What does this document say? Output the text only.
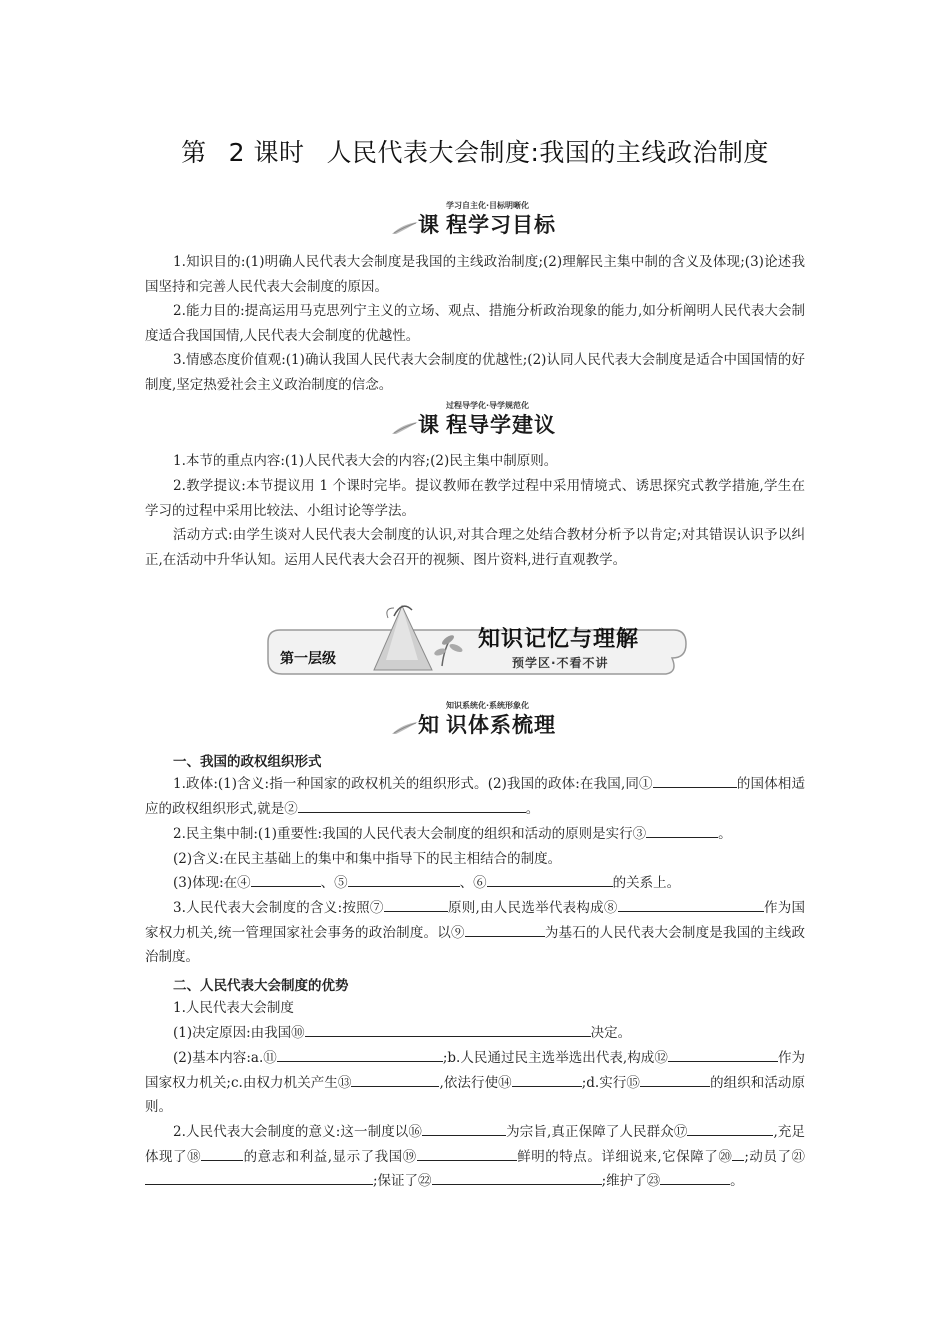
第 2 课时 人民代表大会制度:我国的主线政治制度
学习自主化·目标明晰化
课 程学习目标
1.知识目的:(1)明确人民代表大会制度是我国的主线政治制度;(2)理解民主集中制的含义及体现;(3)论述我国坚持和完善人民代表大会制度的原因。
2.能力目的:提高运用马克思列宁主义的立场、观点、措施分析政治现象的能力,如分析阐明人民代表大会制度适合我国国情,人民代表大会制度的优越性。
3.情感态度价值观:(1)确认我国人民代表大会制度的优越性;(2)认同人民代表大会制度是适合中国国情的好制度,坚定热爱社会主义政治制度的信念。
过程导学化·导学规范化
课 程导学建议
1.本节的重点内容:(1)人民代表大会的内容;(2)民主集中制原则。
2.教学提议:本节提议用 1 个课时完毕。提议教师在教学过程中采用情境式、诱思探究式教学措施,学生在学习的过程中采用比较法、小组讨论等学法。
活动方式:由学生谈对人民代表大会制度的认识,对其合理之处结合教材分析予以肯定;对其错误认识予以纠正,在活动中升华认知。运用人民代表大会召开的视频、图片资料,进行直观教学。
第一层级
知识记忆与理解
预学区·不看不讲
知识系统化·系统形象化
知 识体系梳理
一、我国的政权组织形式
1.政体:(1)含义:指一种国家的政权机关的组织形式。(2)我国的政体:在我国,同①	的国体相适应的政权组织形式,就是②	。
2.民主集中制:(1)重要性:我国的人民代表大会制度的组织和活动的原则是实行③	。
(2)含义:在民主基础上的集中和集中指导下的民主相结合的制度。
(3)体现:在④	、⑤	、⑥	的关系上。
3.人民代表大会制度的含义:按照⑦	原则,由人民选举代表构成⑧	作为国家权力机关,统一管理国家社会事务的政治制度。以⑨	为基石的人民代表大会制度是我国的主线政治制度。
二、人民代表大会制度的优势
1.人民代表大会制度
(1)决定原因:由我国⑩	决定。
(2)基本内容:a.⑪	;b.人民通过民主选举选出代表,构成⑫	作为国家权力机关;c.由权力机关产生⑬	,依法行使⑭	;d.实行⑮	的组织和活动原则。
2.人民代表大会制度的意义:这一制度以⑯	为宗旨,真正保障了人民群众⑰	,充足体现了⑱	的意志和利益,显示了我国⑲	鲜明的特点。详细说来,它保障了⑳ ;动员了㉑;保证了㉒	;维护了㉓	。
